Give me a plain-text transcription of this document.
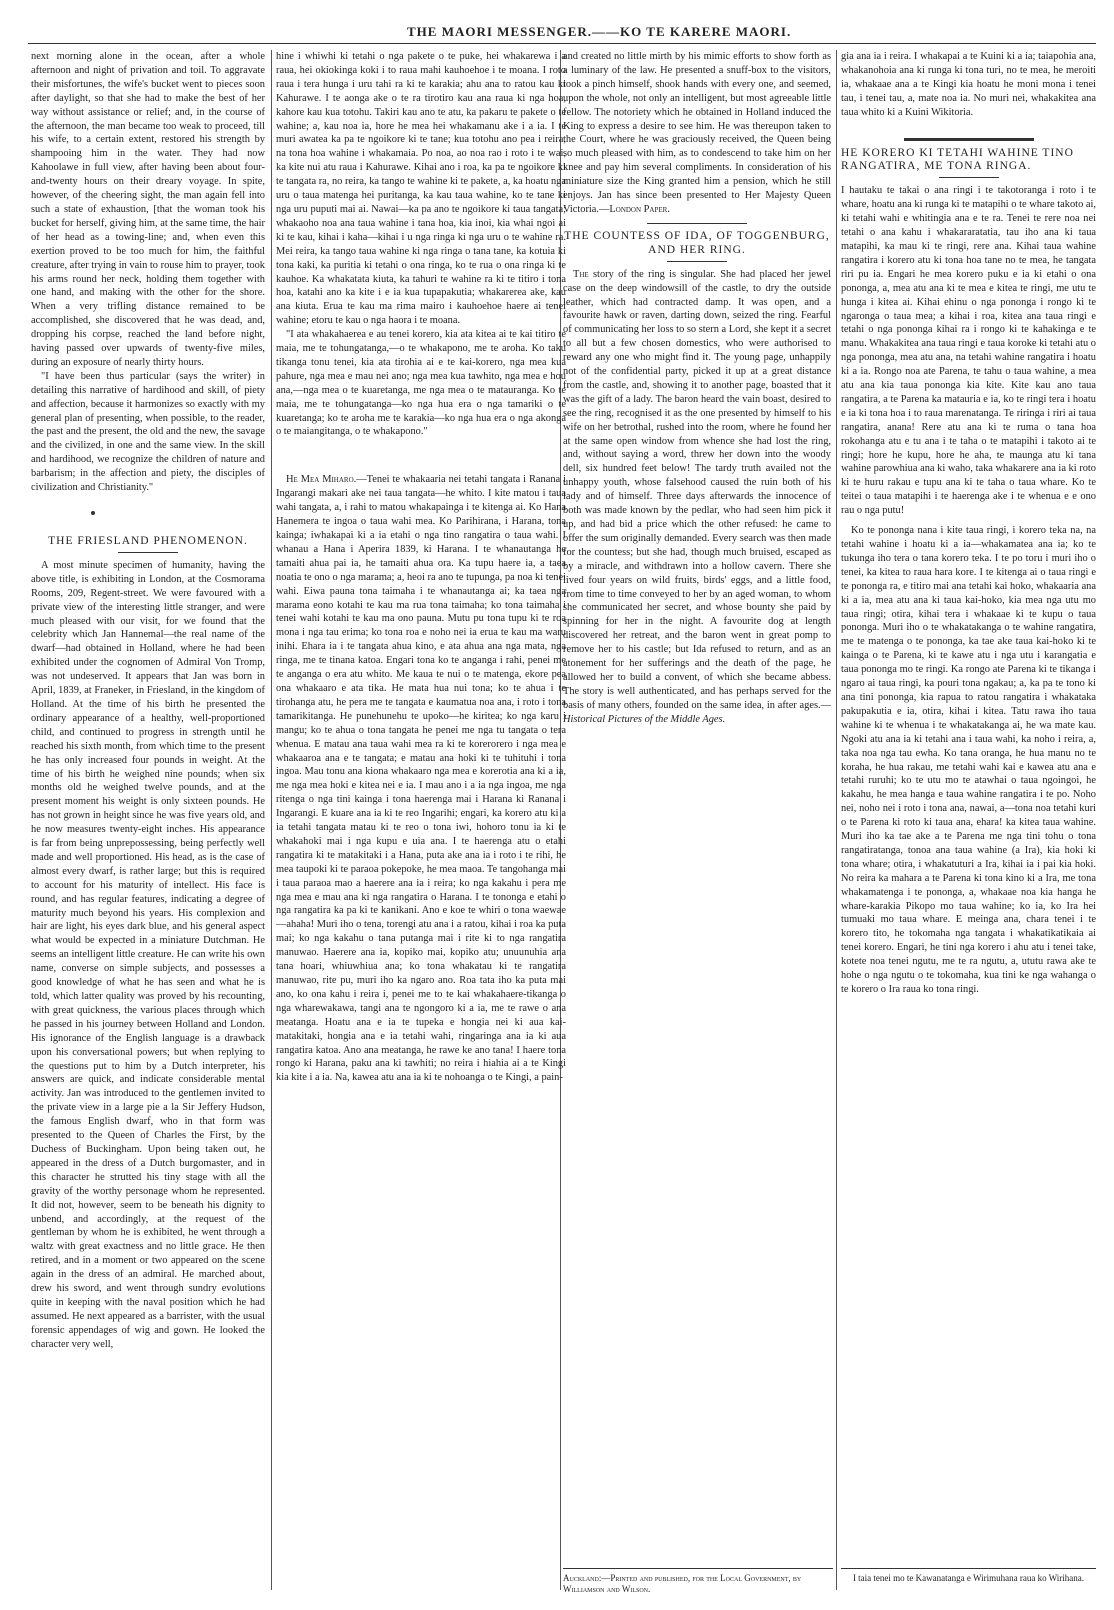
THE MAORI MESSENGER.——KO TE KARERE MAORI.

next morning alone in the ocean, after a whole afternoon and night of privation and toil. To aggravate their misfortunes, the wife's bucket went to pieces soon after daylight, so that she had to make the best of her way without assistance or relief; and, in the course of the afternoon, the man became too weak to proceed, till his wife, to a certain extent, restored his strength by shampooing him in the water. They had now Kahoolawe in full view, after having been about four-and-twenty hours on their dreary voyage. In spite, however, of the cheering sight, the man again fell into such a state of exhaustion, [that the woman took his bucket for herself, giving him, at the same time, the hair of her head as a towing-line; and, when even this exertion proved to be too much for him, the faithful creature, after trying in vain to rouse him to prayer, took his arms round her neck, holding them together with one hand, and making with the other for the shore. When a very trifling distance remained to be accomplished, she discovered that he was dead, and, dropping his corpse, reached the land before night, having passed over upwards of twenty-five miles, during an exposure of nearly thirty hours.

"I have been thus particular (says the writer) in detailing this narrative of hardihood and skill, of piety and affection, because it harmonizes so exactly with my general plan of presenting, when possible, to the reader, the past and the present, the old and the new, the savage and the civilized, in one and the same view. In the skill and hardihood, we recognize the children of nature and barbarism; in the affection and piety, the disciples of civilization and Christianity."

THE FRIESLAND PHENOMENON.

A most minute specimen of humanity, having the above title, is exhibiting in London, at the Cosmorama Rooms, 209, Regent-street. We were favoured with a private view of the interesting little stranger, and were much pleased with our visit, for we found that the celebrity which Jan Hannemal—the real name of the dwarf—had obtained in Holland, where he had been exhibited under the cognomen of Admiral Von Tromp, was not undeserved. It appears that Jan was born in April, 1839, at Franeker, in Friesland, in the kingdom of Holland. At the time of his birth he presented the ordinary appearance of a healthy, well-proportioned child, and continued to progress in strength until he reached his sixth month, from which time to the present he has only increased four pounds in weight. At the time of his birth he weighed nine pounds; when six months old he weighed twelve pounds, and at the present moment his weight is only sixteen pounds. He has not grown in height since he was five years old, and he now measures twenty-eight inches. His appearance is far from being unprepossessing, being perfectly well made and well proportioned. His head, as is the case of almost every dwarf, is rather large; but this is required to account for his maturity of intellect. His face is round, and has regular features, indicating a degree of maturity much beyond his years. His complexion and hair are light, his eyes dark blue, and his general aspect what would be expected in a miniature Dutchman. He seems an intelligent little creature. He can write his own name, converse on simple subjects, and possesses a good knowledge of what he has seen and what he is told, which latter quality was proved by his recounting, with great quickness, the various places through which he passed in his journey between Holland and London. His ignorance of the English language is a drawback upon his conversational powers; but when replying to the questions put to him by a Dutch interpreter, his answers are quick, and indicate considerable mental activity. Jan was introduced to the gentlemen invited to the private view in a large pie a la Sir Jeffery Hudson, the famous English dwarf, who in that form was presented to the Queen of Charles the First, by the Duchess of Buckingham. Upon being taken out, he appeared in the dress of a Dutch burgomaster, and in this character he strutted his tiny stage with all the gravity of the worthy personage whom he represented. It did not, however, seem to be beneath his dignity to unbend, and accordingly, at the request of the gentleman by whom he is exhibited, he went through a waltz with great exactness and no little grace. He then retired, and in a moment or two appeared on the scene again in the dress of an admiral. He marched about, drew his sword, and went through sundry evolutions quite in keeping with the naval position which he had assumed. He next appeared as a barrister, with the usual forensic appendages of wig and gown. He looked the character very well,

hine i whiwhi ki tetahi o nga pakete o te puke, hei whakarewa i a raua, hei okiokinga koki i to raua mahi kauhoehoe i te moana. I roto raua i tera hunga i uru tahi ra ki te karakia; ahu ana to ratou kau ki Kahurawe. I te aonga ake o te ra tirotiro kau ana raua ki nga hoa, kahore kau kua totohu. Takiri kau ano te atu, ka pakaru te pakete o te wahine; a, kau noa ia, hore he mea hei whakamanu ake i a ia. I te muri awatea ka pa te ngoikore ki te tane; kua totohu ano pea i reira, na tona hoa wahine i whakamaia. Po noa, ao noa rao i roto i te wai, ka kite nui atu raua i Kahurawe. Kihai ano i roa, ka pa te ngoikore ki te tangata ra, no reira, ka tango te wahine ki te pakete, a, ka hoatu nga uru o taua matenga hei puritanga, ka kau taua wahine, ko te tane ki nga uru puputi mai ai. Nawai—ka pa ano te ngoikore ki taua tangata; whakaoho noa ana taua wahine i tana hoa, kia inoi, kia whai ngoi ai ki te kau, kihai i kaha—kihai i u nga ringa ki nga uru o te wahine ra. Mei reira, ka tango taua wahine ki nga ringa o tana tane, ka kotuia ki tona kaki, ka puritia ki tetahi o ona ringa, ko te rua o ona ringa ki te kauhoe. Ka whakatata kiuta, ka tahuri te wahine ra ki te titiro i tona hoa, katahi ano ka kite i e ia kua tupapakutia; whakarerea ake, kau ana kiuta. Erua te kau ma rima mairo i kauhoehoe haere ai tenei wahine; etoru te kau o nga haora i te moana.

"I ata whakahaerea e au tenei korero, kia ata kitea ai te kai titiro te maia, me te tohungatanga,—o te whakapono, me te aroha. Ko taku tikanga tonu tenei, kia ata tirohia ai e te kai-korero, nga mea kua pahure, nga mea e mau nei ano; nga mea kua tawhito, nga mea e hou ana,—nga mea o te kuaretanga, me nga mea o te matauranga. Ko te maia, me te tohungatanga—ko nga hua era o nga tamariki o te kuaretanga; ko te aroha me te karakia—ko nga hua era o nga akonga o te maiangitanga, o te whakapono."

He Mea Miharo.—Tenei te whakaaria nei tetahi tangata i Ranana i Ingarangi makari ake nei taua tangata—he whito. I kite matou i taua wahi tangata, a, i rahi to matou whakapainga i te kitenga ai. Ko Hana Hanemera te ingoa o taua wahi mea. Ko Parihirana, i Harana, tona kainga; iwhakapai ki a ia etahi o nga tino rangatira o taua wahi. I whanau a Hana i Aperira 1839, ki Harana. I te whanautanga he tamaiti ahua pai ia, he tamaiti ahua ora. Ka tupu haere ia, a taea noatia te ono o nga marama; a, heoi ra ano te tupunga, pa noa ki tenei wahi. Eiwa pauna tona taimaha i te whanautanga ai; ka taea nga marama eono kotahi te kau ma rua tona taimaha; ko tona taimaha i tenei wahi kotahi te kau ma ono pauna. Mutu pu tona tupu ki te roa mona i nga tau erima; ko tona roa e noho nei ia erua te kau ma waru inihi. Ehara ia i te tangata ahua kino, e ata ahua ana nga mata, nga ringa, me te tinana katoa. Engari tona ko te anganga i rahi, penei me te anganga o era atu whito. Me kaua te nui o te matenga, ekore pea ona whakaaro e ata tika. He mata hua nui tona; ko te ahua i te tirohanga atu, he pera me te tangata e kaumatua noa ana, i roto i tona tamarikitanga. He punehunehu te upoko—he kiritea; ko nga karu i mangu; ko te ahua o tona tangata he penei me nga tu tangata o tera whenua. E matau ana taua wahi mea ra ki te korerorero i nga mea e whakaaroa ana e te tangata; e matau ana hoki ki te tuhituhi i tona ingoa. Mau tonu ana kiona whakaaro nga mea e korerotia ana ki a ia, me nga mea hoki e kitea nei e ia. I mau ano i a ia nga ingoa, me nga ritenga o nga tini kainga i tona haerenga mai i Harana ki Ranana i Ingarangi. E kuare ana ia ki te reo Ingarihi; engari, ka korero atu ki a ia tetahi tangata matau ki te reo o tona iwi, hohoro tonu ia ki te whakahoki mai i nga kupu e uia ana. I te haerenga atu o etahi rangatira ki te matakitaki i a Hana, puta ake ana ia i roto i te rihi, he mea taupoki ki te paraoa pokepoke, he mea maoa. Te tangohanga mai i taua paraoa mao a haerere ana ia i reira; ko nga kakahu i pera me nga mea e mau ana ki nga rangatira o Harana. I te tononga e etahi o nga rangatira ka pa ki te kanikani. Ano e koe te whiri o tona waewae—ahaha! Muri iho o tena, torengi atu ana i a ratou, kihai i roa ka puta mai; ko nga kakahu o tana putanga mai i rite ki to nga rangatira manuwao. Haerere ana ia, kopiko mai, kopiko atu; unuunuhia ana tana hoari, whiuwhiua ana; ko tona whakatau ki te rangatira manuwao, rite pu, muri iho ka ngaro ano. Roa tata iho ka puta mai ano, ko ona kahu i reira i, penei me to te kai whakahaere-tikanga o nga wharewakawa, tangi ana te ngongoro ki a ia, me te rawe o ana meatanga. Hoatu ana e ia te tupeka e hongia nei ki aua kai-matakitaki, hongia ana e ia tetahi wahi, ringaringa ana ia ki aua rangatira katoa. Ano ana meatanga, he rawe ke ano tana! I haere tona rongo ki Harana, paku ana ki tawhiti; no reira i hiahia ai a te Kingi kia kite i a ia. Na, kawea atu ana ia ki te nohoanga o te Kingi, a pain-

and created no little mirth by his mimic efforts to show forth as a luminary of the law. He presented a snuff-box to the visitors, took a pinch himself, shook hands with every one, and seemed, upon the whole, not only an intelligent, but most agreeable little fellow. The notoriety which he obtained in Holland induced the King to express a desire to see him. He was thereupon taken to the Court, where he was graciously received, the Queen being so much pleased with him, as to condescend to take him on her knee and pay him several compliments. In consideration of his miniature size the King granted him a pension, which he still enjoys. Jan has since been presented to Her Majesty Queen Victoria.—London Paper.

THE COUNTESS OF IDA, OF TOGGENBURG, AND HER RING.

The story of the ring is singular. She had placed her jewel case on the deep windowsill of the castle, to dry the outside leather, which had contracted damp. It was open, and a favourite hawk or raven, darting down, seized the ring. Fearful of communicating her loss to so stern a Lord, she kept it a secret to all but a few chosen domestics, who were authorised to reward any one who might find it. The young page, unhappily not of the confidential party, picked it up at a great distance from the castle, and, showing it to another page, boasted that it was the gift of a lady. The baron heard the vain boast, desired to see the ring, recognised it as the one presented by himself to his wife on her betrothal, rushed into the room, where he found her at the same open window from whence she had lost the ring, and, without saying a word, threw her down into the woody dell, six hundred feet below! The tardy truth availed not the unhappy youth, whose falsehood caused the ruin both of his lady and of himself. Three days afterwards the innocence of both was made known by the pedlar, who had seen him pick it up, and had bid a price which the other refused: he came to offer the sum originally demanded. Every search was then made for the countess; but she had, though much bruised, escaped as by a miracle, and withdrawn into a hollow cavern. There she lived four years on wild fruits, birds' eggs, and a little food, from time to time conveyed to her by an aged woman, to whom she communicated her secret, and whose bounty she paid by spinning for her in the night. A favourite dog at length discovered her retreat, and the baron went in great pomp to remove her to his castle; but Ida refused to return, and as an atonement for her sufferings and the death of the page, he allowed her to build a convent, of which she became abbess. The story is well authenticated, and has perhaps served for the basis of many others, founded on the same idea, in after ages.—Historical Pictures of the Middle Ages.

gia ana ia i reira. I whakapai a te Kuini ki a ia; taiapohia ana, whakanohoia ana ki runga ki tona turi, no te mea, he meroiti ia, whakaae ana a te Kingi kia hoatu he moni mona i tenei tau, i tenei tau, a, mate noa ia. No muri nei, whakakitea ana taua whito ki a Kuini Wikitoria.

HE KORERO KI TETAHI WAHINE TINO RANGATIRA, ME TONA RINGA.

I hautaku te takai o ana ringi i te takotoranga i roto i te whare, hoatu ana ki runga ki te matapihi o te whare takoto ai, ki tetahi wahi e whitingia ana e te ra. Tenei te rere noa nei tetahi o ana kahu i whakararatatia, tau iho ana ki taua matapihi, ka mau ki te ringi, rere ana. Kihai taua wahine rangatira i korero atu ki tona hoa tane no te mea, he tangata riri pu ia. Engari he mea korero puku e ia ki etahi o ona pononga, a, mea atu ana ki te mea e kitea te ringi, me utu te hunga i kitea ai. Kihai ehinu o nga pononga i rongo ki te ngaronga o taua mea; a kihai i roa, kitea ana taua ringi e tetahi o nga pononga kihai ra i rongo ki te kahakinga e te manu. Whakakitea ana taua ringi e taua koroke ki tetahi atu o nga pononga, mea atu ana, na tetahi wahine rangatira i hoatu ki a ia. Rongo noa ate Parena, te tahu o taua wahine, a mea atu ana kia taua pononga kia kite. Kite kau ano taua rangatira, a te Parena ka matauria e ia, ko te ringi tera i hoatu e ia ki tona hoa i to raua marenatanga. Te riringa i riri ai taua rangatira, anana! Rere atu ana ki te ruma o tana hoa rokohanga atu e tu ana i te taha o te matapihi i takoto ai te ringi; hore he kupu, hore he aha, te maunga atu ki tana wahine parowhiua ana ki waho, taka whakarere ana ia ki roto ki te huru rakau e tupu ana ki te taha o taua whare. Ko te teitei o taua matapihi i te haerenga ake i te whenua e e ono rau o nga putu!

Ko te pononga nana i kite taua ringi, i korero teka na, na tetahi wahine i hoatu ki a ia—whakamatea ana ia; ko te tukunga iho tera o tana korero teka. I te po toru i muri iho o tenei, ka kitea to raua hara kore. I te kitenga ai o taua ringi e te pononga ra, e titiro mai ana tetahi kai hoko, whakaaria ana ki a ia, mea atu ana ki taua kai-hoko, kia mea nga utu mo taua ringi; otira, kihai tera i whakaae ki te kupu o taua pononga. Muri iho o te whakatakanga o te wahine rangatira, me te matenga o te pononga, ka tae ake taua kai-hoko ki te kainga o te Parena, ki te kawe atu i nga utu i karangatia e taua pononga mo te ringi. Ka rongo ate Parena ki te tikanga i ngaro ai taua ringi, ka pouri tona ngakau; a, ka pa te tono ki ana tini pononga, kia rapua to ratou rangatira i whakataka pakupakutia e ia, otira, kihai i kitea. Tatu rawa iho taua wahine ki te whenua i te whakatakanga ai, he wa mate kau. Ngoki atu ana ia ki tetahi ana i taua wahi, ka noho i reira, a, taka noa nga tau ewha. Ko tana oranga, he hua manu no te koraha, he hua rakau, me tetahi wahi kai e kawea atu ana e tetahi ruruhi; ko te utu mo te atawhai o taua ngoingoi, he kakahu, he mea hanga e taua wahine rangatira i te po. Noho nei, noho nei i roto i tona ana, nawai, a—tona noa tetahi kuri o te Parena ki roto ki taua ana, ehara! ka kitea taua wahine. Muri iho ka tae ake a te Parena me nga tini tohu o tona rangatiratanga, tonoa ana taua wahine (a Ira), kia hoki ki tona whare; otira, i whakatuturi a Ira, kihai ia i pai kia hoki. No reira ka mahara a te Parena ki tona kino ki a Ira, me tona whakamatenga i te pononga, a, whakaae noa kia hanga he whare-karakia Pikopo mo taua wahine; ko ia, ko Ira hei tumuaki mo taua whare. E meinga ana, chara tenei i te korero tito, he tokomaha nga tangata i whakatikatikaia ai tenei korero. Engari, he tini nga korero i ahu atu i tenei take, kotete noa tenei ngutu, me te ra ngutu, a, ututu rawa ake te hohe o nga ngutu o te tokomaha, kua tini ke nga wahanga o te korero o Ira raua ko tona ringi.

Auckland:—Printed and published, for the Local Government, by Williamson and Wilson.
I taia tenei mo te Kawanatanga e Wirimuhana raua ko Wirihana.
